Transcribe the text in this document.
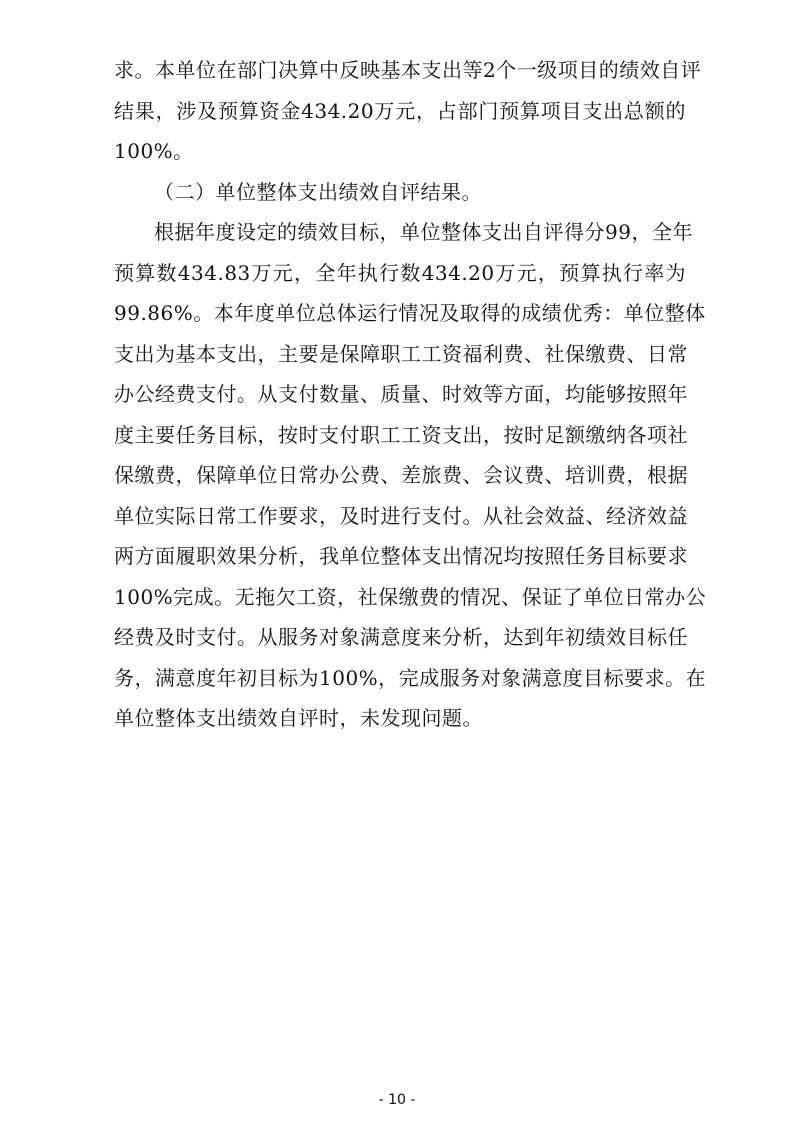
求。本单位在部门决算中反映基本支出等2个一级项目的绩效自评
结果，涉及预算资金434.20万元，占部门预算项目支出总额的
100%。
（二）单位整体支出绩效自评结果。
根据年度设定的绩效目标，单位整体支出自评得分99，全年
预算数434.83万元，全年执行数434.20万元，预算执行率为
99.86%。本年度单位总体运行情况及取得的成绩优秀：单位整体
支出为基本支出，主要是保障职工工资福利费、社保缴费、日常
办公经费支付。从支付数量、质量、时效等方面，均能够按照年
度主要任务目标，按时支付职工工资支出，按时足额缴纳各项社
保缴费，保障单位日常办公费、差旅费、会议费、培训费，根据
单位实际日常工作要求，及时进行支付。从社会效益、经济效益
两方面履职效果分析，我单位整体支出情况均按照任务目标要求
100%完成。无拖欠工资，社保缴费的情况、保证了单位日常办公
经费及时支付。从服务对象满意度来分析，达到年初绩效目标任
务，满意度年初目标为100%，完成服务对象满意度目标要求。在
单位整体支出绩效自评时，未发现问题。
- 10 -
